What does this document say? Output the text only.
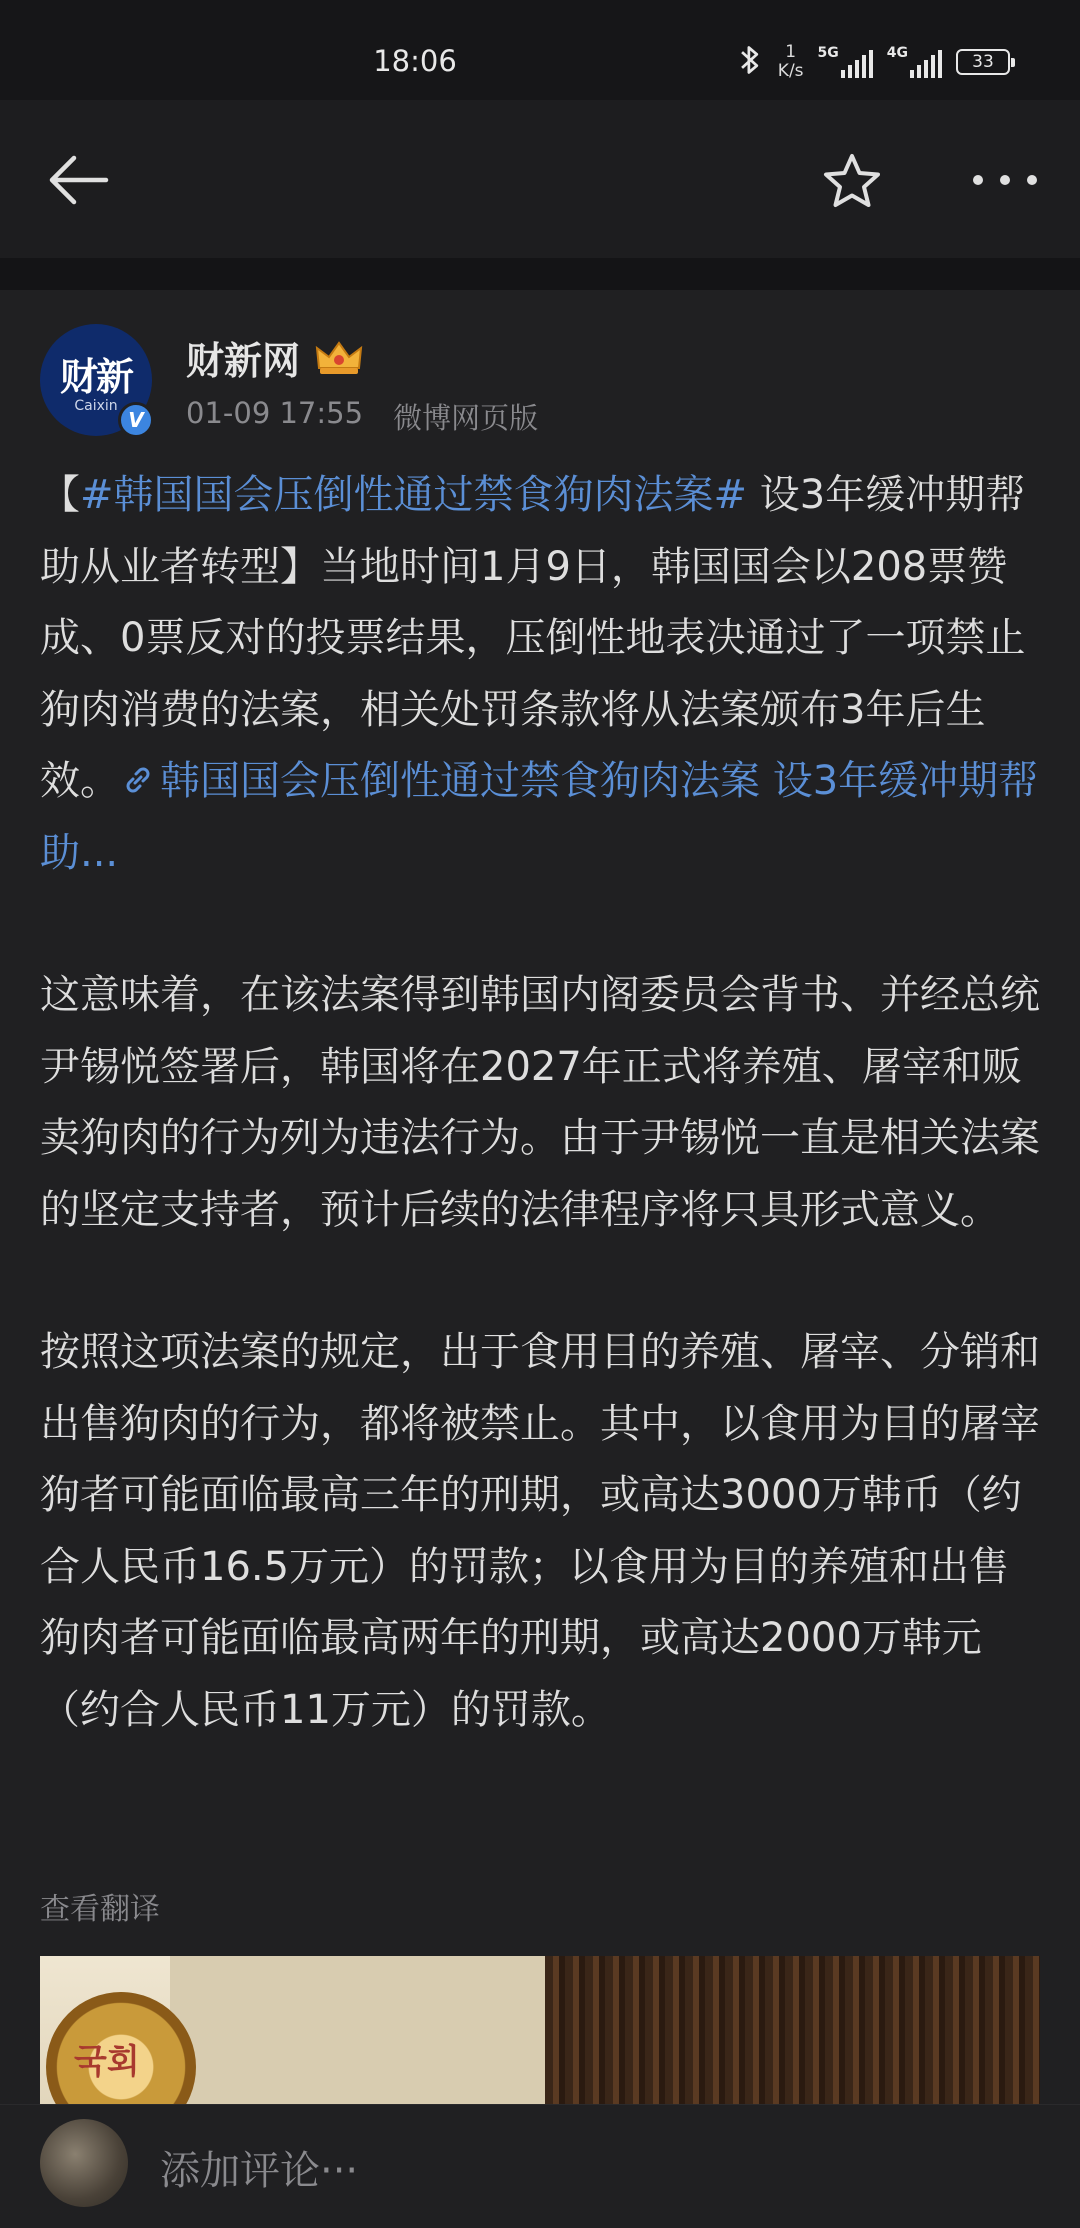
18:06	1
K/s
5G	4G	33
财新
Caixin
V
财新网
01-09 17:55 微博网页版

【#韩国国会压倒性通过禁食狗肉法案# 设3年缓冲期帮助从业者转型】当地时间1月9日，韩国国会以208票赞成、0票反对的投票结果，压倒性地表决通过了一项禁止狗肉消费的法案，相关处罚条款将从法案颁布3年后生效。 韩国国会压倒性通过禁食狗肉法案 设3年缓冲期帮助...

这意味着，在该法案得到韩国内阁委员会背书、并经总统尹锡悦签署后，韩国将在2027年正式将养殖、屠宰和贩卖狗肉的行为列为违法行为。由于尹锡悦一直是相关法案的坚定支持者，预计后续的法律程序将只具形式意义。

按照这项法案的规定，出于食用目的养殖、屠宰、分销和出售狗肉的行为，都将被禁止。其中，以食用为目的屠宰狗者可能面临最高三年的刑期，或高达3000万韩币（约合人民币16.5万元）的罚款；以食用为目的养殖和出售狗肉者可能面临最高两年的刑期，或高达2000万韩元（约合人民币11万元）的罚款。

查看翻译
국회
添加评论···
